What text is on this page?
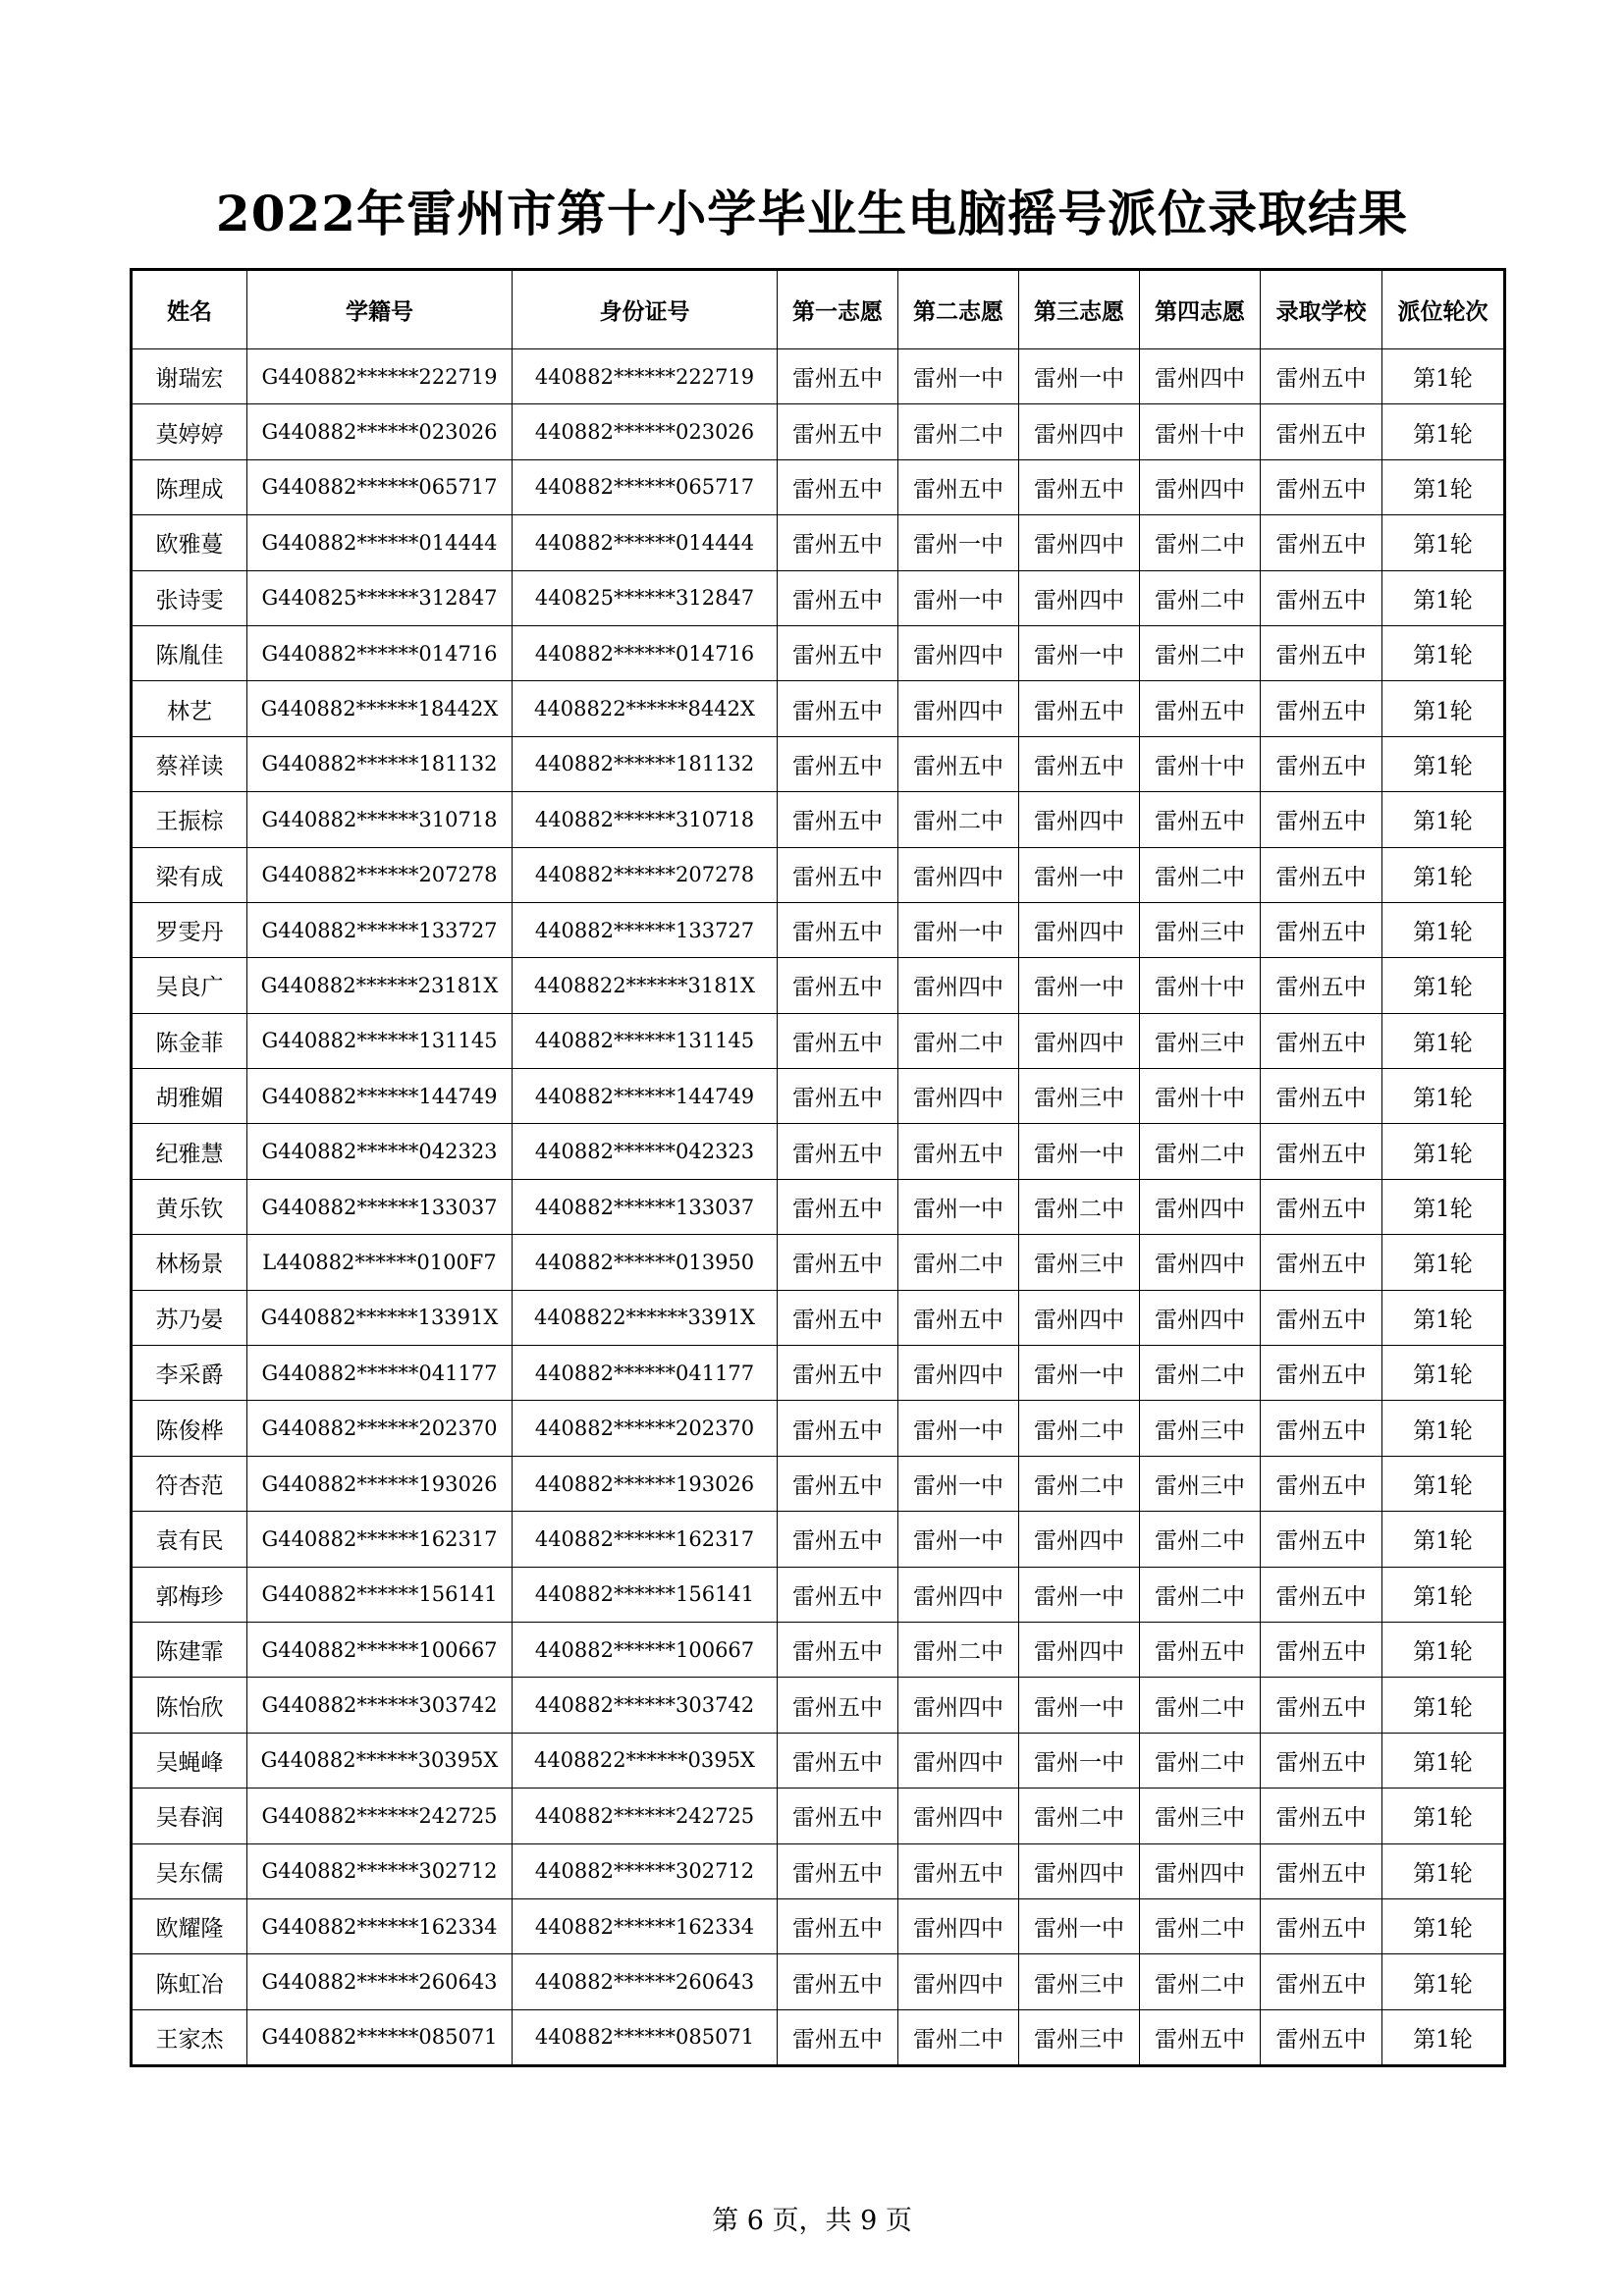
2022年雷州市第十小学毕业生电脑摇号派位录取结果
姓名	学籍号	身份证号	第一志愿	第二志愿	第三志愿	第四志愿	录取学校	派位轮次
谢瑞宏	G440882******222719	440882******222719	雷州五中	雷州一中	雷州一中	雷州四中	雷州五中	第1轮
莫婷婷	G440882******023026	440882******023026	雷州五中	雷州二中	雷州四中	雷州十中	雷州五中	第1轮
陈理成	G440882******065717	440882******065717	雷州五中	雷州五中	雷州五中	雷州四中	雷州五中	第1轮
欧雅蔓	G440882******014444	440882******014444	雷州五中	雷州一中	雷州四中	雷州二中	雷州五中	第1轮
张诗雯	G440825******312847	440825******312847	雷州五中	雷州一中	雷州四中	雷州二中	雷州五中	第1轮
陈胤佳	G440882******014716	440882******014716	雷州五中	雷州四中	雷州一中	雷州二中	雷州五中	第1轮
林艺	G440882******18442X	4408822******8442X	雷州五中	雷州四中	雷州五中	雷州五中	雷州五中	第1轮
蔡祥读	G440882******181132	440882******181132	雷州五中	雷州五中	雷州五中	雷州十中	雷州五中	第1轮
王振棕	G440882******310718	440882******310718	雷州五中	雷州二中	雷州四中	雷州五中	雷州五中	第1轮
梁有成	G440882******207278	440882******207278	雷州五中	雷州四中	雷州一中	雷州二中	雷州五中	第1轮
罗雯丹	G440882******133727	440882******133727	雷州五中	雷州一中	雷州四中	雷州三中	雷州五中	第1轮
吴良广	G440882******23181X	4408822******3181X	雷州五中	雷州四中	雷州一中	雷州十中	雷州五中	第1轮
陈金菲	G440882******131145	440882******131145	雷州五中	雷州二中	雷州四中	雷州三中	雷州五中	第1轮
胡雅媚	G440882******144749	440882******144749	雷州五中	雷州四中	雷州三中	雷州十中	雷州五中	第1轮
纪雅慧	G440882******042323	440882******042323	雷州五中	雷州五中	雷州一中	雷州二中	雷州五中	第1轮
黄乐钦	G440882******133037	440882******133037	雷州五中	雷州一中	雷州二中	雷州四中	雷州五中	第1轮
林杨景	L440882******0100F7	440882******013950	雷州五中	雷州二中	雷州三中	雷州四中	雷州五中	第1轮
苏乃晏	G440882******13391X	4408822******3391X	雷州五中	雷州五中	雷州四中	雷州四中	雷州五中	第1轮
李采爵	G440882******041177	440882******041177	雷州五中	雷州四中	雷州一中	雷州二中	雷州五中	第1轮
陈俊桦	G440882******202370	440882******202370	雷州五中	雷州一中	雷州二中	雷州三中	雷州五中	第1轮
符杏范	G440882******193026	440882******193026	雷州五中	雷州一中	雷州二中	雷州三中	雷州五中	第1轮
袁有民	G440882******162317	440882******162317	雷州五中	雷州一中	雷州四中	雷州二中	雷州五中	第1轮
郭梅珍	G440882******156141	440882******156141	雷州五中	雷州四中	雷州一中	雷州二中	雷州五中	第1轮
陈建霏	G440882******100667	440882******100667	雷州五中	雷州二中	雷州四中	雷州五中	雷州五中	第1轮
陈怡欣	G440882******303742	440882******303742	雷州五中	雷州四中	雷州一中	雷州二中	雷州五中	第1轮
吴蝇峰	G440882******30395X	4408822******0395X	雷州五中	雷州四中	雷州一中	雷州二中	雷州五中	第1轮
吴春润	G440882******242725	440882******242725	雷州五中	雷州四中	雷州二中	雷州三中	雷州五中	第1轮
吴东儒	G440882******302712	440882******302712	雷州五中	雷州五中	雷州四中	雷州四中	雷州五中	第1轮
欧耀隆	G440882******162334	440882******162334	雷州五中	雷州四中	雷州一中	雷州二中	雷州五中	第1轮
陈虹冶	G440882******260643	440882******260643	雷州五中	雷州四中	雷州三中	雷州二中	雷州五中	第1轮
王家杰	G440882******085071	440882******085071	雷州五中	雷州二中	雷州三中	雷州五中	雷州五中	第1轮
第 6 页，共 9 页
